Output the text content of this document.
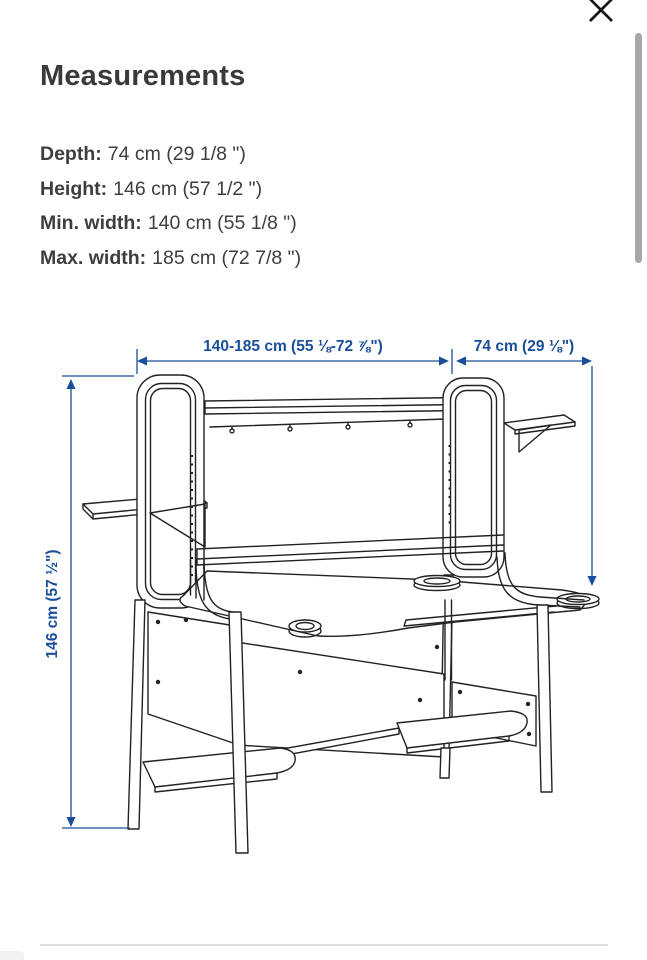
Measurements
Depth: 74 cm (29 1/8 ")
Height: 146 cm (57 1/2 ")
Min. width: 140 cm (55 1/8 ")
Max. width: 185 cm (72 7/8 ")
140-185 cm (55 ⅛-72 ⅞")	74 cm (29 ⅛")
146 cm (57 ½")
